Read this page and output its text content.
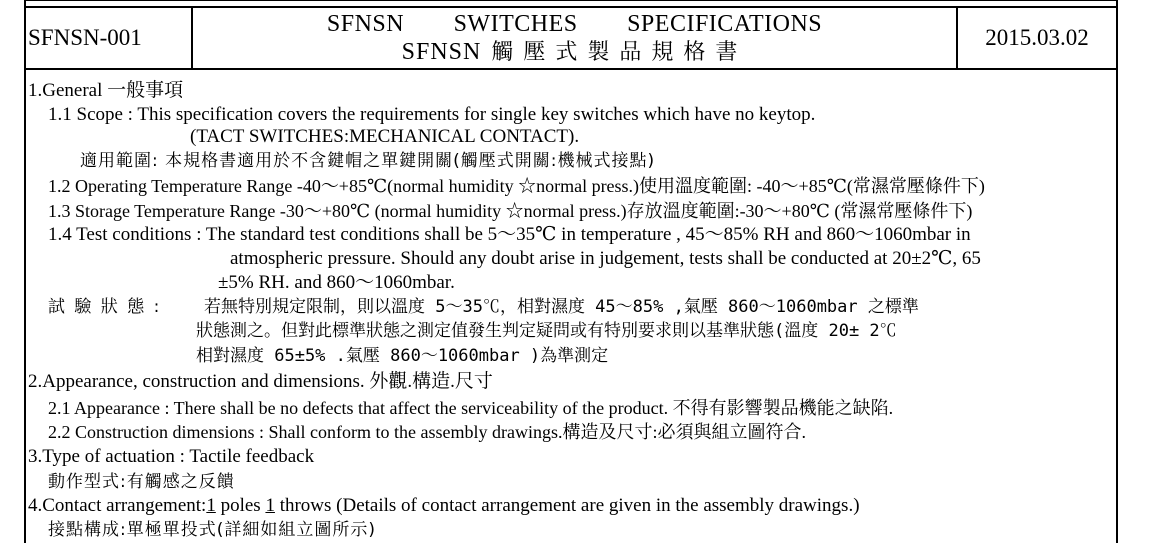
SFNSN-001
SFNSN   SWITCHES   SPECIFICATIONS
SFNSN 觸壓式製品規格書
2015.03.02
1.General 一般事項
1.1 Scope : This specification covers the requirements for single key switches which have no keytop.
(TACT SWITCHES:MECHANICAL CONTACT).
適用範圍: 本規格書適用於不含鍵帽之單鍵開關(觸壓式開關:機械式接點)
1.2 Operating Temperature Range -40～+85℃(normal humidity ☆normal press.)使用溫度範圍: -40～+85℃(常濕常壓條件下)
1.3 Storage Temperature Range -30～+80℃ (normal humidity ☆normal press.)存放溫度範圍:-30～+80℃ (常濕常壓條件下)
1.4 Test conditions : The standard test conditions shall be 5～35℃ in temperature , 45～85% RH and 860～1060mbar in
atmospheric pressure. Should any doubt arise in judgement, tests shall be conducted at 20±2℃, 65
±5% RH. and 860～1060mbar.
試 驗 狀 態 :	若無特別規定限制，則以溫度 5～35℃，相對濕度 45～85% ,氣壓 860～1060mbar 之標準
狀態測之。但對此標準狀態之測定值發生判定疑問或有特別要求則以基準狀態(溫度 20± 2℃
相對濕度 65±5% .氣壓 860～1060mbar )為準測定
2.Appearance, construction and dimensions. 外觀.構造.尺寸
2.1 Appearance : There shall be no defects that affect the serviceability of the product. 不得有影響製品機能之缺陷.
2.2 Construction dimensions : Shall conform to the assembly drawings.構造及尺寸:必須與組立圖符合.
3.Type of actuation : Tactile feedback
動作型式:有觸感之反饋
4.Contact arrangement:1 poles 1 throws (Details of contact arrangement are given in the assembly drawings.)
接點構成:單極單投式(詳細如組立圖所示)
